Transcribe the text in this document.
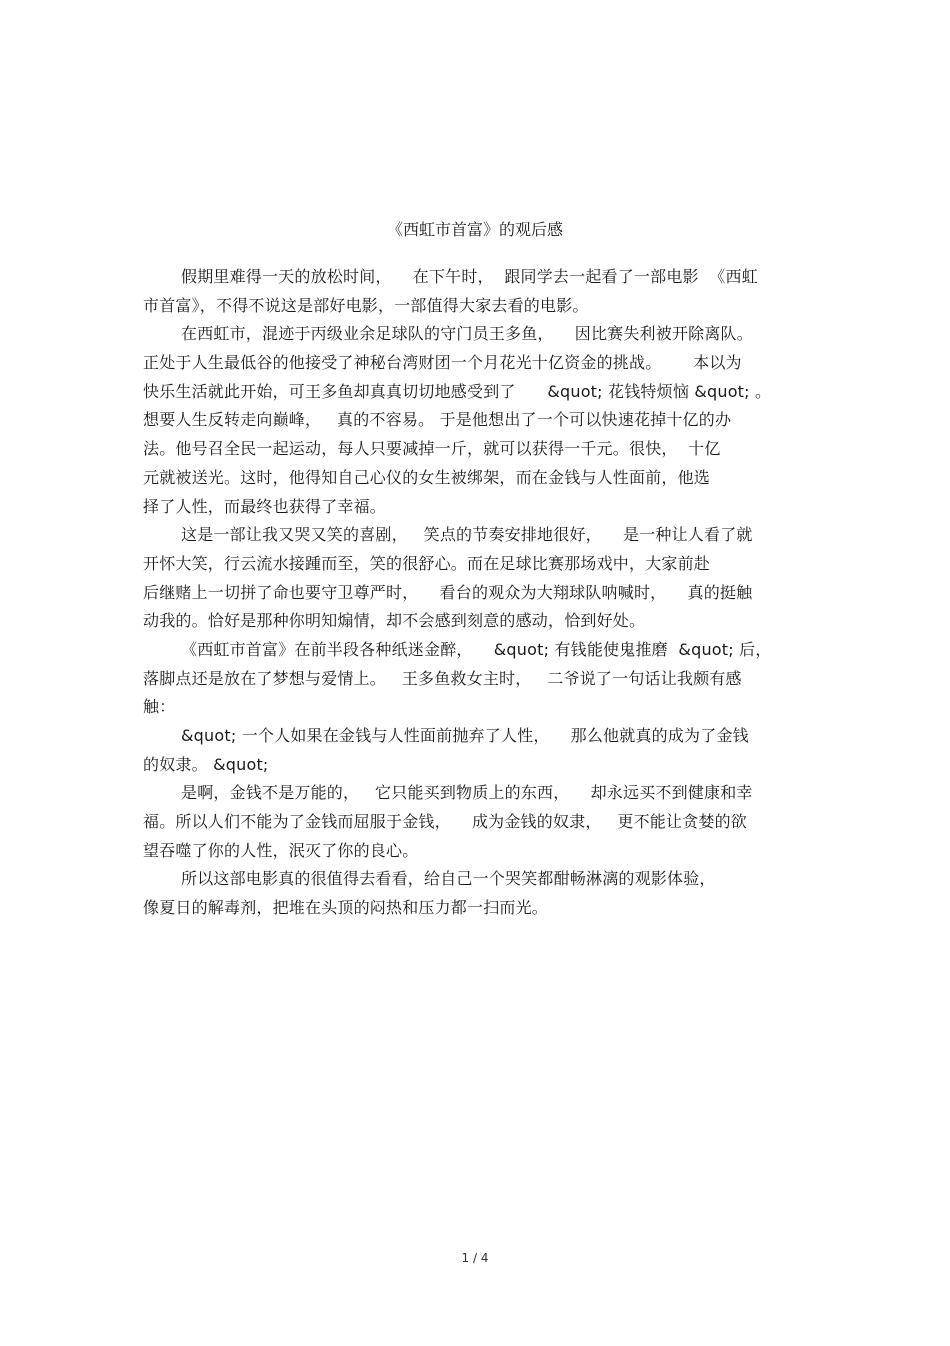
《西虹市首富》的观后感
假期里难得一天的放松时间，    在下午时，  跟同学去一起看了一部电影  《西虹
市首富》，不得不说这是部好电影，一部值得大家去看的电影。
在西虹市，混迹于丙级业余足球队的守门员王多鱼，    因比赛失利被开除离队。
正处于人生最低谷的他接受了神秘台湾财团一个月花光十亿资金的挑战。      本以为
快乐生活就此开始，可王多鱼却真真切切地感受到了      &quot; 花钱特烦恼 &quot; 。
想要人生反转走向巅峰，   真的不容易。 于是他想出了一个可以快速花掉十亿的办
法。他号召全民一起运动，每人只要减掉一斤，就可以获得一千元。很快，  十亿
元就被送光。这时，他得知自己心仪的女生被绑架，而在金钱与人性面前，他选
择了人性，而最终也获得了幸福。
这是一部让我又哭又笑的喜剧，   笑点的节奏安排地很好，    是一种让人看了就
开怀大笑，行云流水接踵而至，笑的很舒心。而在足球比赛那场戏中，大家前赴
后继赌上一切拼了命也要守卫尊严时，    看台的观众为大翔球队呐喊时，    真的挺触
动我的。恰好是那种你明知煽情，却不会感到刻意的感动，恰到好处。
《西虹市首富》在前半段各种纸迷金醉，    &quot; 有钱能使鬼推磨  &quot; 后，
落脚点还是放在了梦想与爱情上。   王多鱼救女主时，   二爷说了一句话让我颇有感
触：
&quot; 一个人如果在金钱与人性面前抛弃了人性，    那么他就真的成为了金钱
的奴隶。 &quot;
是啊，金钱不是万能的，   它只能买到物质上的东西，    却永远买不到健康和幸
福。所以人们不能为了金钱而屈服于金钱，    成为金钱的奴隶，   更不能让贪婪的欲
望吞噬了你的人性，泯灭了你的良心。
所以这部电影真的很值得去看看，给自己一个哭笑都酣畅淋漓的观影体验，
像夏日的解毒剂，把堆在头顶的闷热和压力都一扫而光。
1 / 4
